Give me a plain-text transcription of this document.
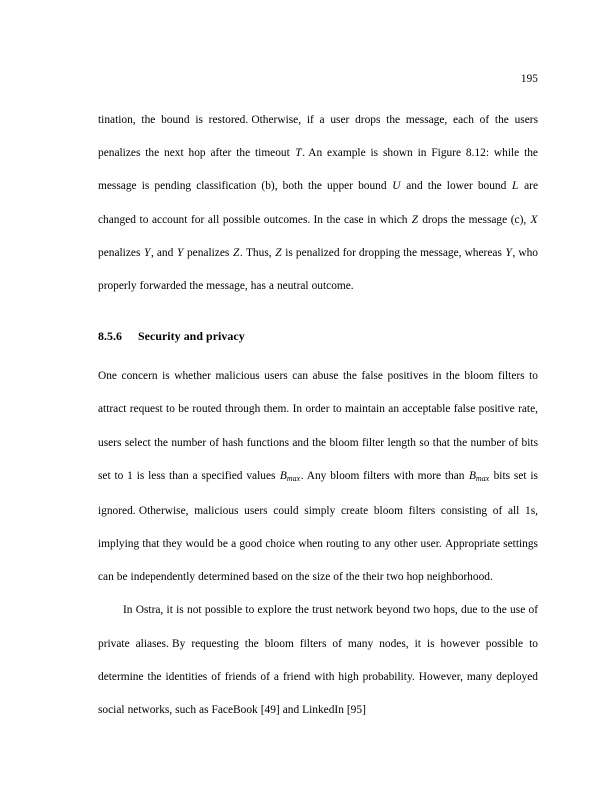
195

tination, the bound is restored. Otherwise, if a user drops the message, each of the users penalizes the next hop after the timeout T. An example is shown in Figure 8.12: while the message is pending classification (b), both the upper bound U and the lower bound L are changed to account for all possible outcomes. In the case in which Z drops the message (c), X penalizes Y, and Y penalizes Z. Thus, Z is penalized for dropping the message, whereas Y, who properly forwarded the message, has a neutral outcome.

8.5.6 Security and privacy

One concern is whether malicious users can abuse the false positives in the bloom filters to attract request to be routed through them. In order to maintain an acceptable false positive rate, users select the number of hash functions and the bloom filter length so that the number of bits set to 1 is less than a specified values $B_{max}$. Any bloom filters with more than $B_{max}$ bits set is ignored. Otherwise, malicious users could simply create bloom filters consisting of all 1s, implying that they would be a good choice when routing to any other user. Appropriate settings can be independently determined based on the size of the their two hop neighborhood.

In Ostra, it is not possible to explore the trust network beyond two hops, due to the use of private aliases. By requesting the bloom filters of many nodes, it is however possible to determine the identities of friends of a friend with high probability. However, many deployed social networks, such as FaceBook [49] and LinkedIn [95]
